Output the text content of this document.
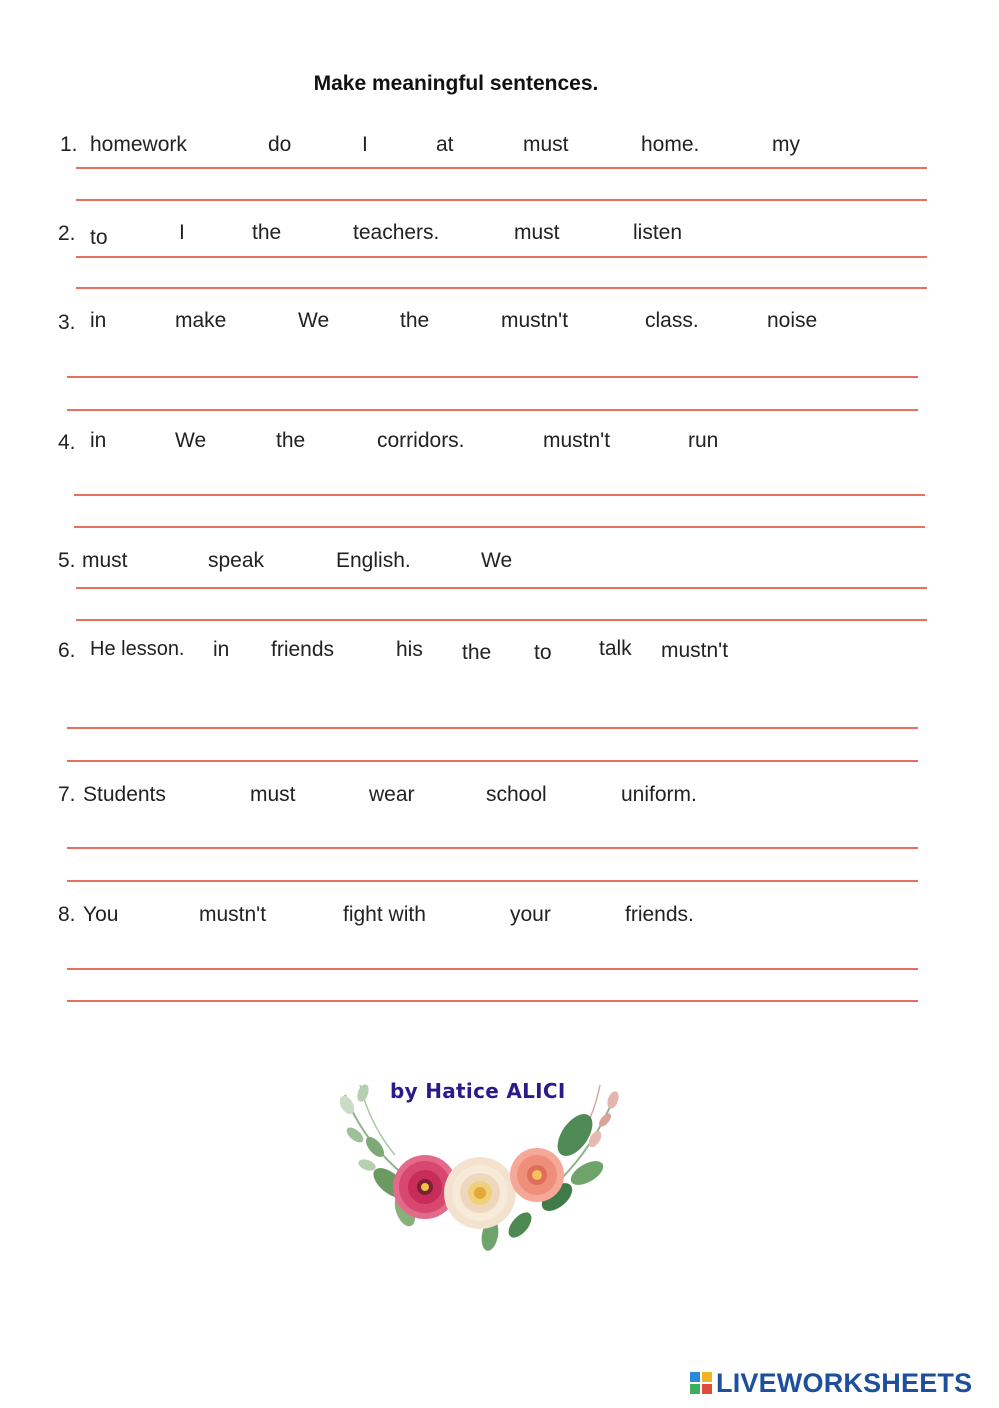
Make meaningful sentences.
1. homework	do	I	at	must	home.	my
2. to	I	the	teachers.	must	listen
3. in	make	We	the	mustn't	class.	noise
4. in	We	the	corridors.	mustn't	run
5. must	speak	English.	We
6. He lesson. in friends	his the to talk mustn't
7. Students	must	wear	school	uniform.
8. You	mustn't	fight with	your	friends.
by Hatice ALICI
LIVEWORKSHEETS
